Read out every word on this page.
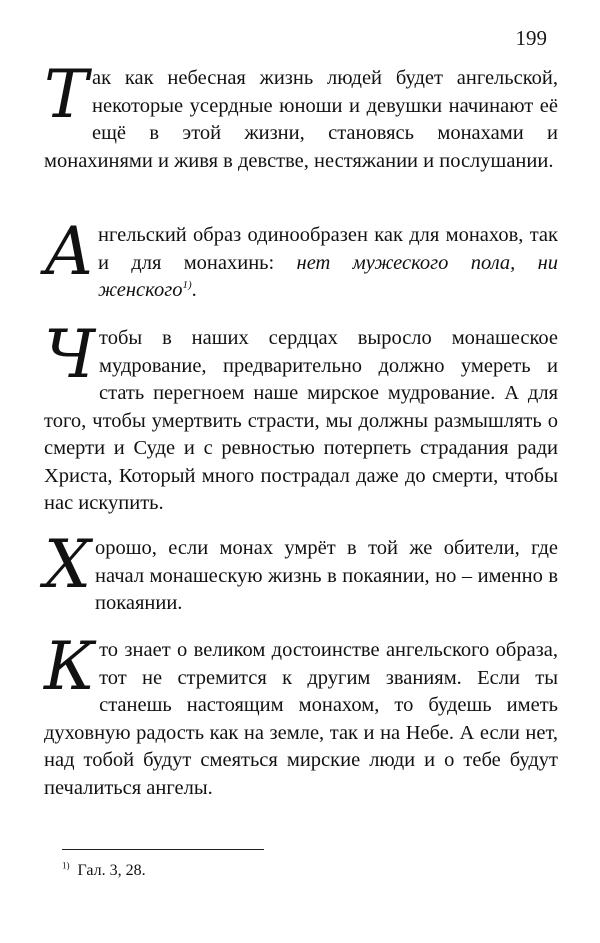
199
Т ак как небесная жизнь людей будет ангельской, некоторые усердные юноши и девушки начинают её ещё в этой жизни, становясь монахами и монахинями и живя в девстве, нестяжании и послушании.
А нгельский образ одинообразен как для монахов, так и для монахинь: нет мужеского пола, ни женского$^{1)}$.
Ч тобы в наших сердцах выросло монашеское мудрование, предварительно должно умереть и стать перегноем наше мирское мудрование. А для того, чтобы умертвить страсти, мы должны размышлять о смерти и Суде и с ревностью потерпеть страдания ради Христа, Который много пострадал даже до смерти, чтобы нас искупить.
Х орошо, если монах умрёт в той же обители, где начал монашескую жизнь в покаянии, но – именно в покаянии.
К то знает о великом достоинстве ангельского образа, тот не стремится к другим званиям. Если ты станешь настоящим монахом, то будешь иметь духовную радость как на земле, так и на Небе. А если нет, над тобой будут смеяться мирские люди и о тебе будут печалиться ангелы.
$^{1)}$ Гал. 3, 28.
